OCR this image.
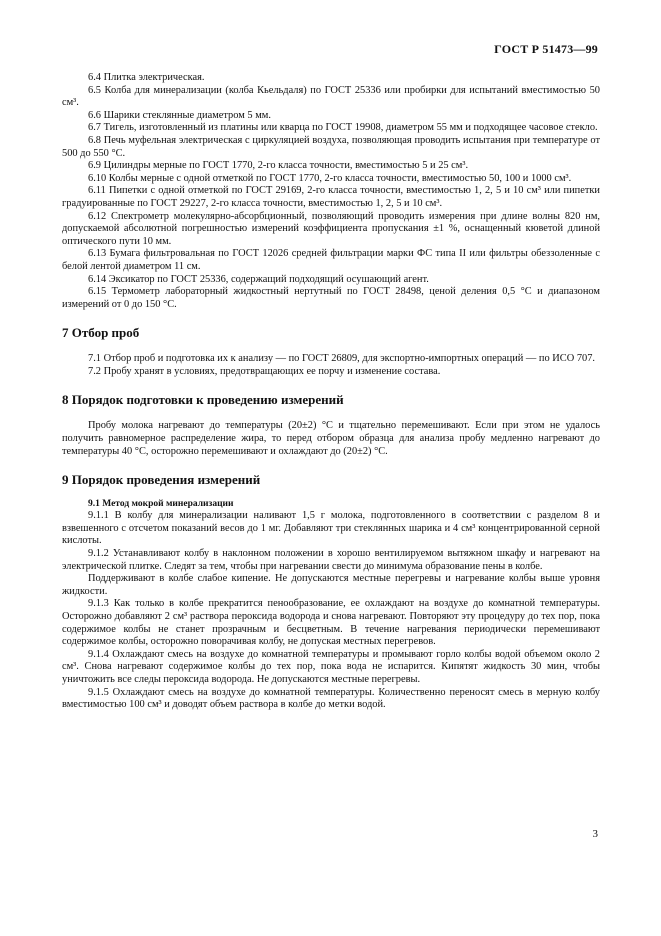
ГОСТ Р 51473—99

6.4 Плитка электрическая.

6.5 Колба для минерализации (колба Кьельдаля) по ГОСТ 25336 или пробирки для испытаний вместимостью 50 см³.

6.6 Шарики стеклянные диаметром 5 мм.

6.7 Тигель, изготовленный из платины или кварца по ГОСТ 19908, диаметром 55 мм и подходящее часовое стекло.

6.8 Печь муфельная электрическая с циркуляцией воздуха, позволяющая проводить испытания при температуре от 500 до 550 °С.

6.9 Цилиндры мерные по ГОСТ 1770, 2-го класса точности, вместимостью 5 и 25 см³.

6.10 Колбы мерные с одной отметкой по ГОСТ 1770, 2-го класса точности, вместимостью 50, 100 и 1000 см³.

6.11 Пипетки с одной отметкой по ГОСТ 29169, 2-го класса точности, вместимостью 1, 2, 5 и 10 см³ или пипетки градуированные по ГОСТ 29227, 2-го класса точности, вместимостью 1, 2, 5 и 10 см³.

6.12 Спектрометр молекулярно-абсорбционный, позволяющий проводить измерения при длине волны 820 нм, допускаемой абсолютной погрешностью измерений коэффициента пропускания ±1 %, оснащенный кюветой длиной оптического пути 10 мм.

6.13 Бумага фильтровальная по ГОСТ 12026 средней фильтрации марки ФС типа II или фильтры обеззоленные с белой лентой диаметром 11 см.

6.14 Эксикатор по ГОСТ 25336, содержащий подходящий осушающий агент.

6.15 Термометр лабораторный жидкостный нертутный по ГОСТ 28498, ценой деления 0,5 °С и диапазоном измерений от 0 до 150 °С.

7 Отбор проб

7.1 Отбор проб и подготовка их к анализу — по ГОСТ 26809, для экспортно-импортных операций — по ИСО 707.

7.2 Пробу хранят в условиях, предотвращающих ее порчу и изменение состава.

8 Порядок подготовки к проведению измерений

Пробу молока нагревают до температуры (20±2) °С и тщательно перемешивают. Если при этом не удалось получить равномерное распределение жира, то перед отбором образца для анализа пробу медленно нагревают до температуры 40 °С, осторожно перемешивают и охлаждают до (20±2) °С.

9 Порядок проведения измерений
9.1 Метод мокрой минерализации

9.1.1 В колбу для минерализации наливают 1,5 г молока, подготовленного в соответствии с разделом 8 и взвешенного с отсчетом показаний весов до 1 мг. Добавляют три стеклянных шарика и 4 см³ концентрированной серной кислоты.

9.1.2 Устанавливают колбу в наклонном положении в хорошо вентилируемом вытяжном шкафу и нагревают на электрической плитке. Следят за тем, чтобы при нагревании свести до минимума образование пены в колбе.

Поддерживают в колбе слабое кипение. Не допускаются местные перегревы и нагревание колбы выше уровня жидкости.

9.1.3 Как только в колбе прекратится пенообразование, ее охлаждают на воздухе до комнатной температуры. Осторожно добавляют 2 см³ раствора пероксида водорода и снова нагревают. Повторяют эту процедуру до тех пор, пока содержимое колбы не станет прозрачным и бесцветным. В течение нагревания периодически перемешивают содержимое колбы, осторожно поворачивая колбу, не допуская местных перегревов.

9.1.4 Охлаждают смесь на воздухе до комнатной температуры и промывают горло колбы водой объемом около 2 см³. Снова нагревают содержимое колбы до тех пор, пока вода не испарится. Кипятят жидкость 30 мин, чтобы уничтожить все следы пероксида водорода. Не допускаются местные перегревы.

9.1.5 Охлаждают смесь на воздухе до комнатной температуры. Количественно переносят смесь в мерную колбу вместимостью 100 см³ и доводят объем раствора в колбе до метки водой.

3
